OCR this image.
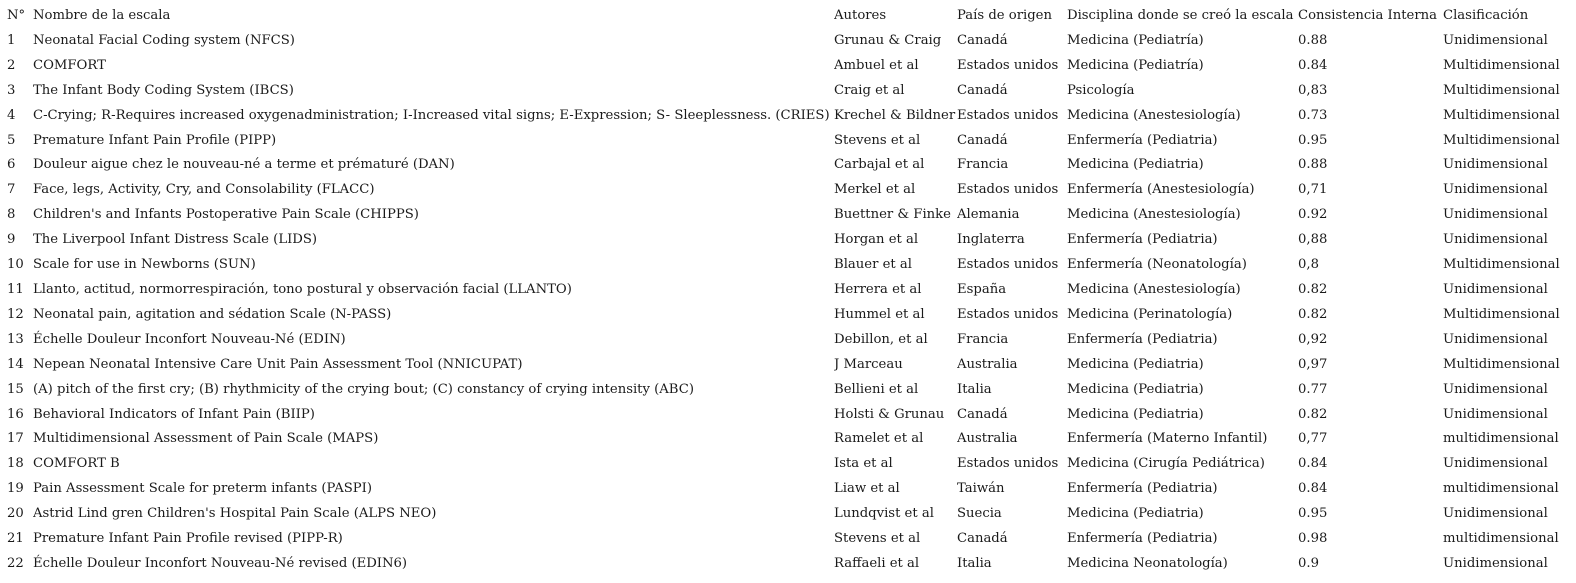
N°	Nombre de la escala	Autores	País de origen	Disciplina donde se creó la escala	Consistencia Interna	Clasificación
1	Neonatal Facial Coding system (NFCS)	Grunau & Craig	Canadá	Medicina (Pediatría)	0.88	Unidimensional
2	COMFORT	Ambuel et al	Estados unidos	Medicina (Pediatría)	0.84	Multidimensional
3	The Infant Body Coding System (IBCS)	Craig et al	Canadá	Psicología	0,83	Multidimensional
4	C-Crying; R-Requires increased oxygenadministration; I-Increased vital signs; E-Expression; S- Sleeplessness. (CRIES)	Krechel & Bildner	Estados unidos	Medicina (Anestesiología)	0.73	Multidimensional
5	Premature Infant Pain Profile (PIPP)	Stevens et al	Canadá	Enfermería (Pediatria)	0.95	Multidimensional
6	Douleur aigue chez le nouveau-né a terme et prématuré (DAN)	Carbajal et al	Francia	Medicina (Pediatria)	0.88	Unidimensional
7	Face, legs, Activity, Cry, and Consolability (FLACC)	Merkel et al	Estados unidos	Enfermería (Anestesiología)	0,71	Unidimensional
8	Children's and Infants Postoperative Pain Scale (CHIPPS)	Buettner & Finke	Alemania	Medicina (Anestesiología)	0.92	Unidimensional
9	The Liverpool Infant Distress Scale (LIDS)	Horgan et al	Inglaterra	Enfermería (Pediatria)	0,88	Unidimensional
10	Scale for use in Newborns (SUN)	Blauer et al	Estados unidos	Enfermería (Neonatología)	0,8	Multidimensional
11	Llanto, actitud, normorrespiración, tono postural y observación facial (LLANTO)	Herrera et al	España	Medicina (Anestesiología)	0.82	Unidimensional
12	Neonatal pain, agitation and sédation Scale (N-PASS)	Hummel et al	Estados unidos	Medicina (Perinatología)	0.82	Multidimensional
13	Échelle Douleur Inconfort Nouveau-Né (EDIN)	Debillon, et al	Francia	Enfermería (Pediatria)	0,92	Unidimensional
14	Nepean Neonatal Intensive Care Unit Pain Assessment Tool (NNICUPAT)	J Marceau	Australia	Medicina (Pediatria)	0,97	Multidimensional
15	(A) pitch of the first cry; (B) rhythmicity of the crying bout; (C) constancy of crying intensity (ABC)	Bellieni et al	Italia	Medicina (Pediatria)	0.77	Unidimensional
16	Behavioral Indicators of Infant Pain (BIIP)	Holsti & Grunau	Canadá	Medicina (Pediatria)	0.82	Unidimensional
17	Multidimensional Assessment of Pain Scale (MAPS)	Ramelet et al	Australia	Enfermería (Materno Infantil)	0,77	multidimensional
18	COMFORT B	Ista et al	Estados unidos	Medicina (Cirugía Pediátrica)	0.84	Unidimensional
19	Pain Assessment Scale for preterm infants (PASPI)	Liaw et al	Taiwán	Enfermería (Pediatria)	0.84	multidimensional
20	Astrid Lind gren Children's Hospital Pain Scale (ALPS NEO)	Lundqvist et al	Suecia	Medicina (Pediatria)	0.95	Unidimensional
21	Premature Infant Pain Profile revised (PIPP-R)	Stevens et al	Canadá	Enfermería (Pediatria)	0.98	multidimensional
22	Échelle Douleur Inconfort Nouveau-Né revised (EDIN6)	Raffaeli et al	Italia	Medicina Neonatología)	0.9	Unidimensional
